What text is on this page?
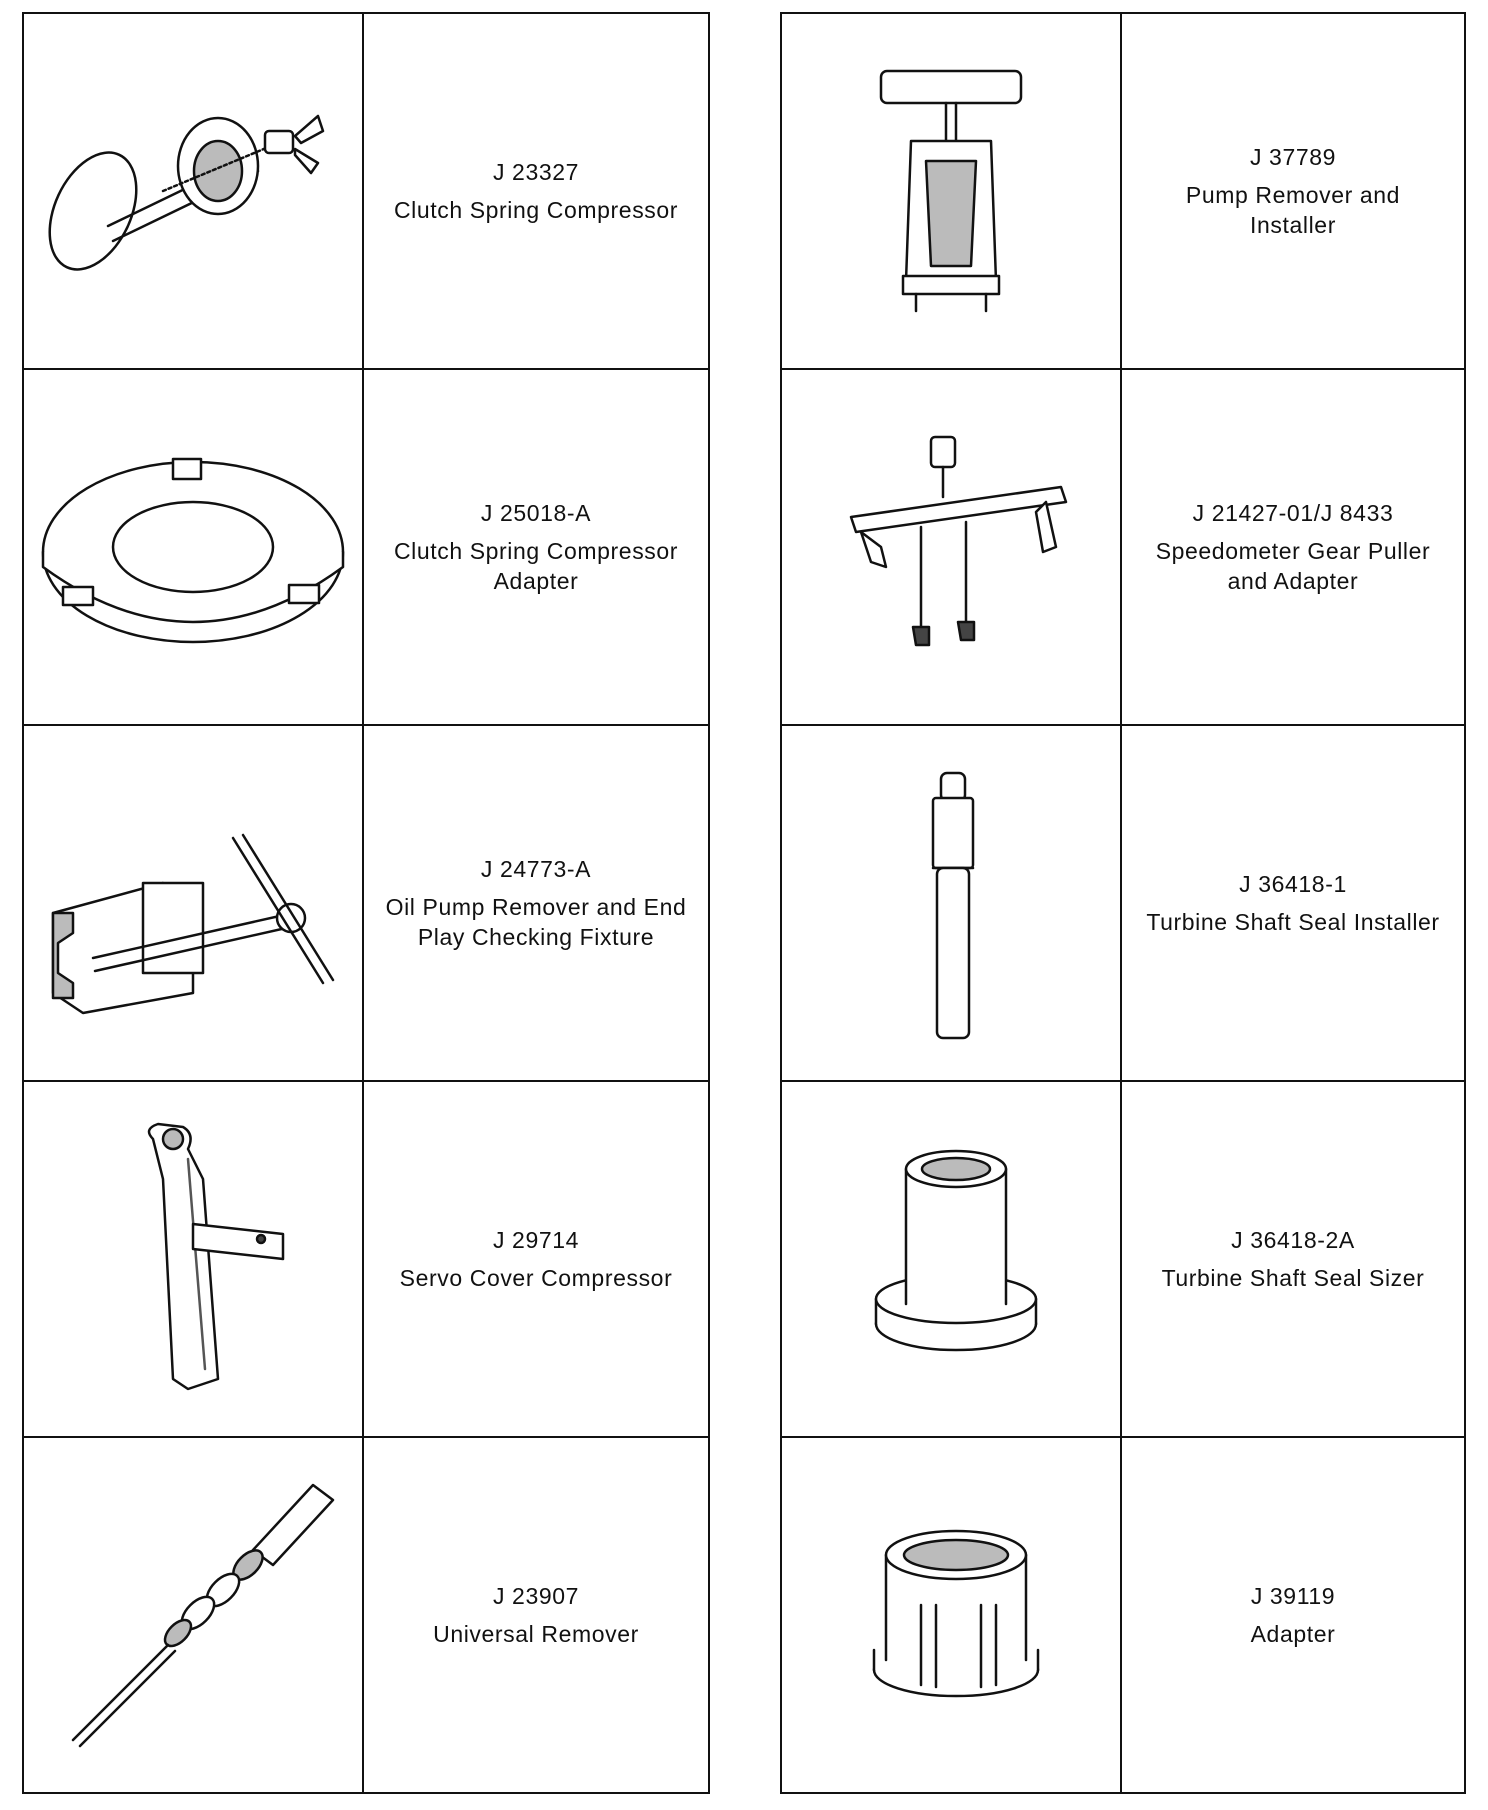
J 23327
Clutch Spring Compressor
J 25018-A
Clutch Spring Compressor
Adapter
J 24773-A
Oil Pump Remover and End
Play Checking Fixture
J 29714
Servo Cover Compressor
J 23907
Universal Remover
J 37789
Pump Remover and
Installer
J 21427-01/J 8433
Speedometer Gear Puller
and Adapter
J 36418-1
Turbine Shaft Seal Installer
J 36418-2A
Turbine Shaft Seal Sizer
J 39119
Adapter
